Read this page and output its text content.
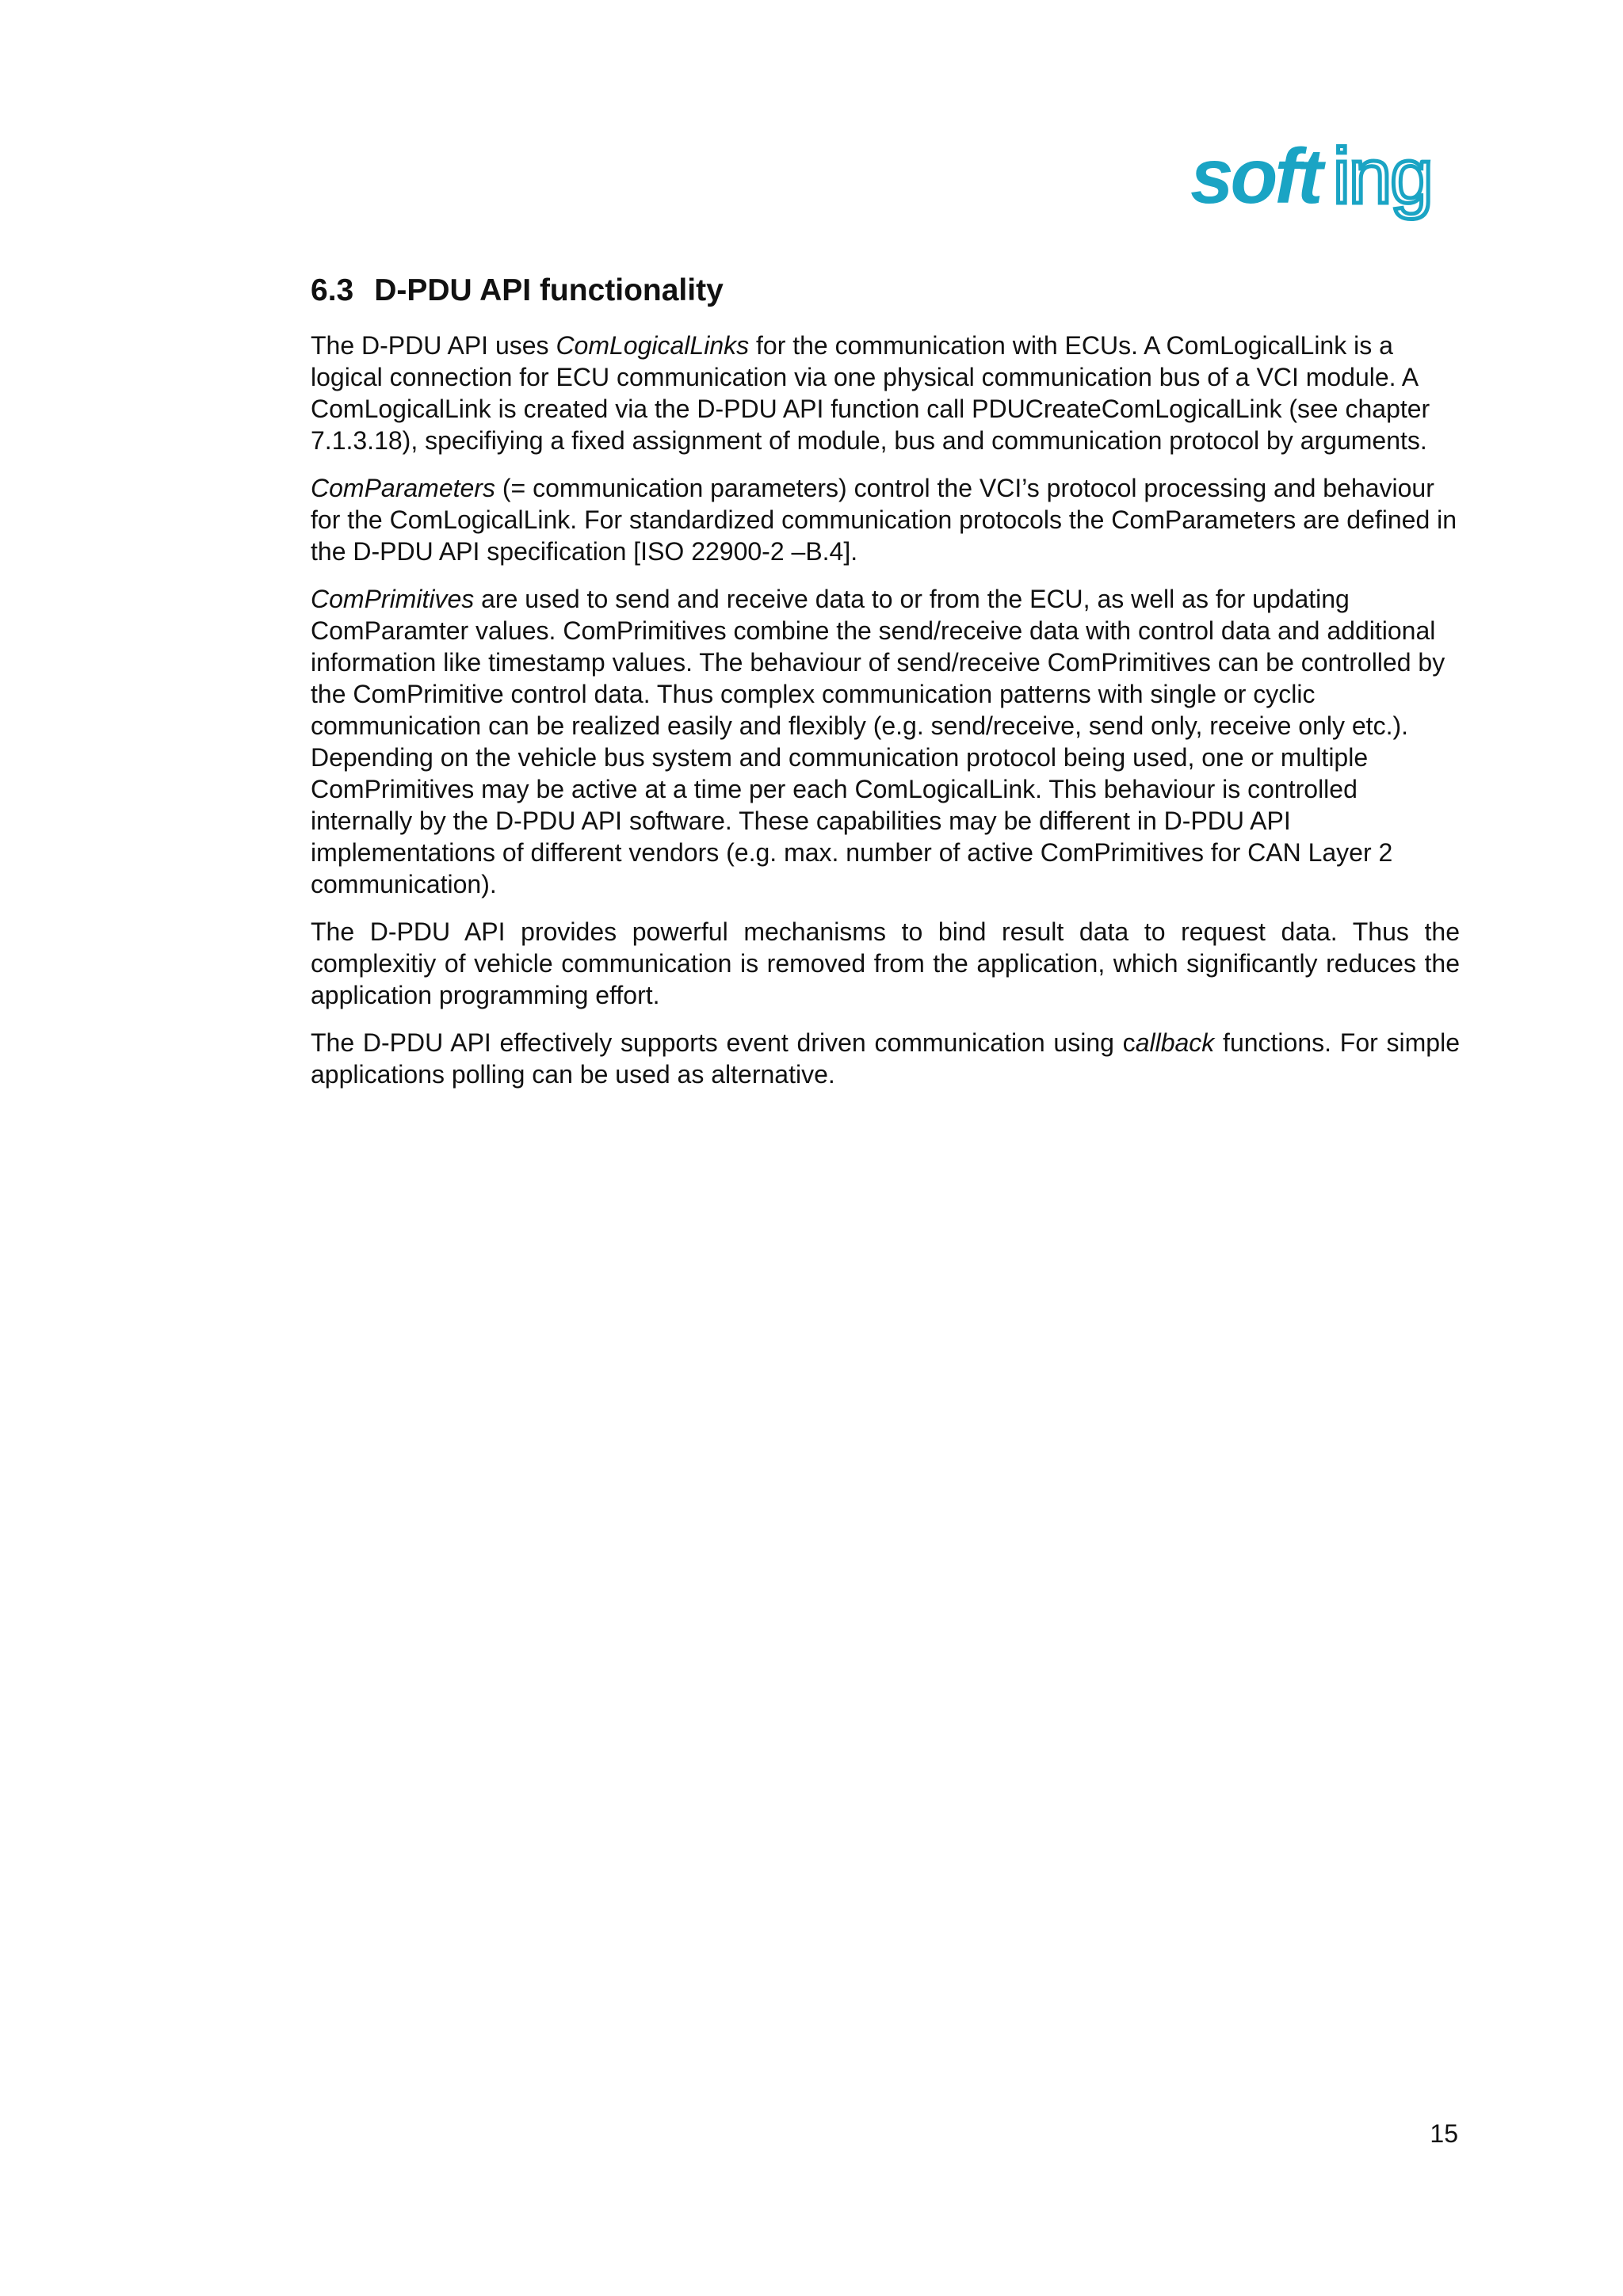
soft ing
6.3 D-PDU API functionality

The D-PDU API uses ComLogicalLinks for the communication with ECUs. A ComLogicalLink is a logical connection for ECU communication via one physical communication bus of a VCI module. A ComLogicalLink is created via the D-PDU API function call PDUCreateComLogicalLink (see chapter 7.1.3.18), specifiying a fixed assignment of module, bus and communication protocol by arguments.

ComParameters (= communication parameters) control the VCI’s protocol processing and behaviour for the ComLogicalLink. For standardized communication protocols the ComParameters are defined in the D-PDU API specification [ISO 22900-2 –B.4].

ComPrimitives are used to send and receive data to or from the ECU, as well as for updating ComParamter values. ComPrimitives combine the send/receive data with control data and additional information like timestamp values. The behaviour of send/receive ComPrimitives can be controlled by the ComPrimitive control data. Thus complex communication patterns with single or cyclic communication can be realized easily and flexibly (e.g. send/receive, send only, receive only etc.). Depending on the vehicle bus system and communication protocol being used, one or multiple ComPrimitives may be active at a time per each ComLogicalLink. This behaviour is controlled internally by the D-PDU API software. These capabilities may be different in D-PDU API implementations of different vendors (e.g. max. number of active ComPrimitives for CAN Layer 2 communication).

The D-PDU API provides powerful mechanisms to bind result data to request data. Thus the complexitiy of vehicle communication is removed from the application, which significantly reduces the application programming effort.

The D-PDU API effectively supports event driven communication using callback functions. For simple applications polling can be used as alternative.

15
